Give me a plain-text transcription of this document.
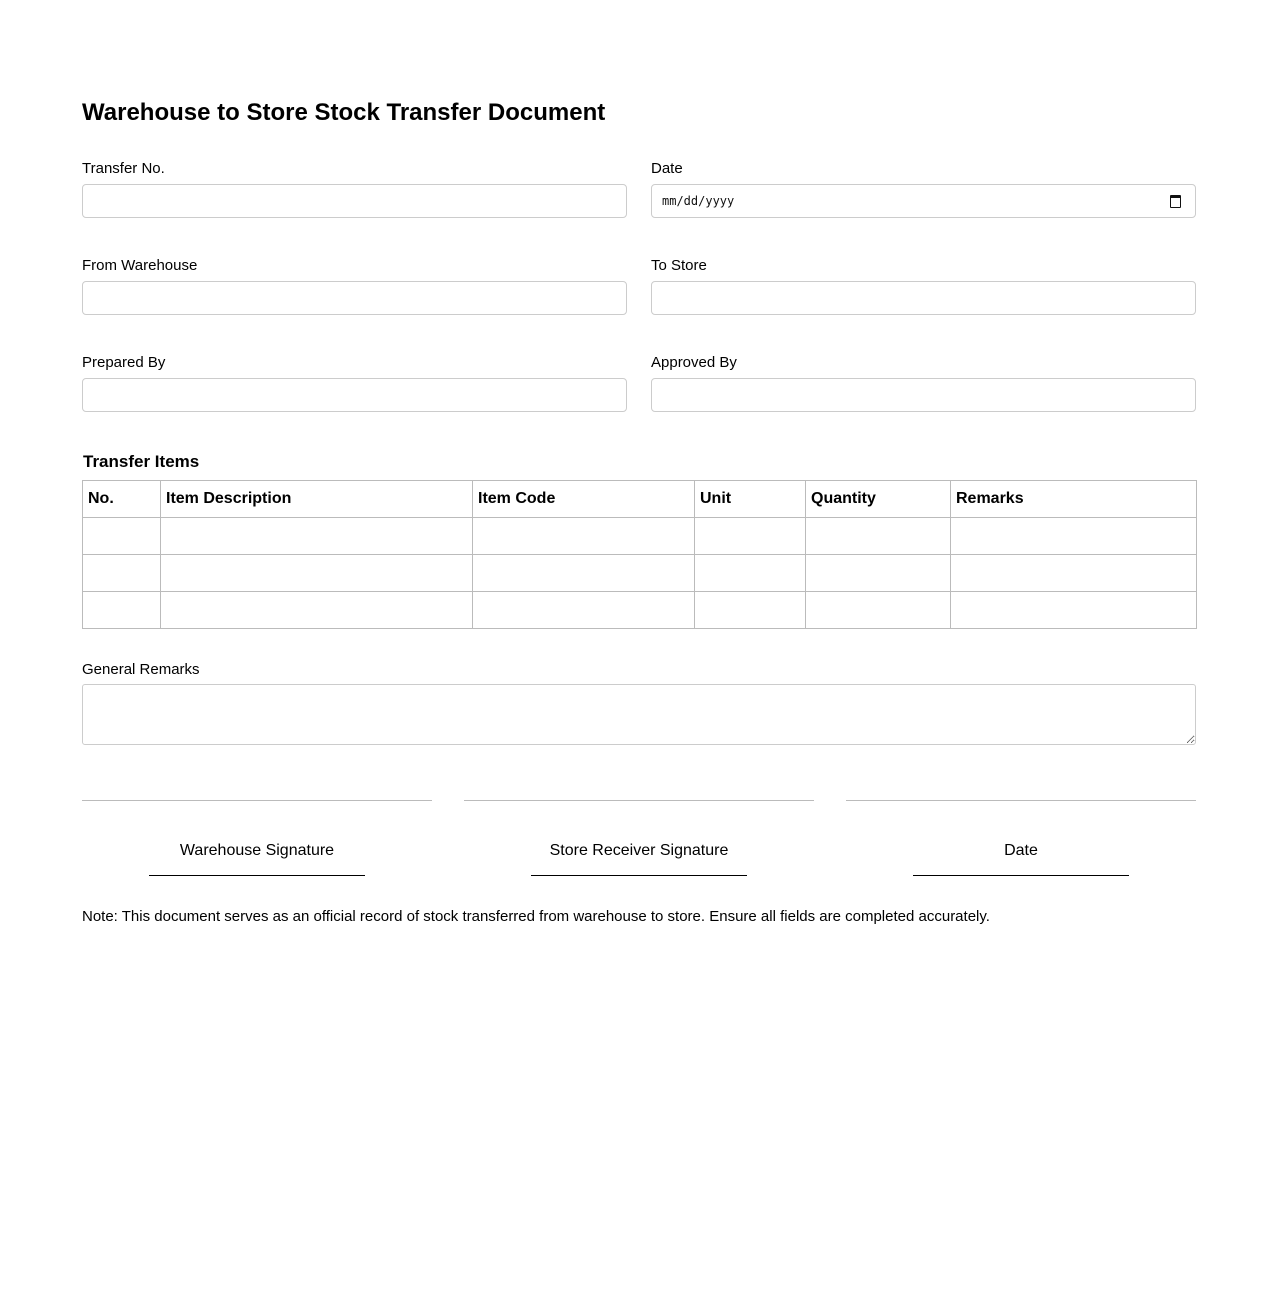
Warehouse to Store Stock Transfer Document
Transfer No.	Date
mm/dd/yyyy
From Warehouse	To Store
Prepared By	Approved By
Transfer Items
No.	Item Description	Item Code	Unit	Quantity	Remarks

General Remarks
Warehouse Signature	Store Receiver Signature	Date
Note: This document serves as an official record of stock transferred from warehouse to store. Ensure all fields are completed accurately.
